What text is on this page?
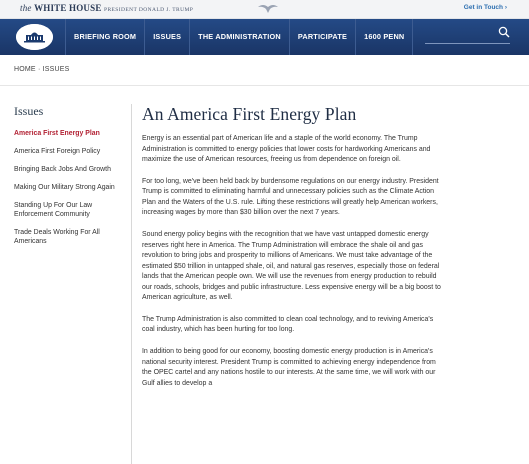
the WHITE HOUSE PRESIDENT DONALD J. TRUMP	Get in Touch ›
BRIEFING ROOM	ISSUES	THE ADMINISTRATION	PARTICIPATE	1600 PENN
HOME · ISSUES
Issues
America First Energy Plan
America First Foreign Policy
Bringing Back Jobs And Growth
Making Our Military Strong Again
Standing Up For Our Law Enforcement Community
Trade Deals Working For All Americans
An America First Energy Plan

Energy is an essential part of American life and a staple of the world economy. The Trump Administration is committed to energy policies that lower costs for hardworking Americans and maximize the use of American resources, freeing us from dependence on foreign oil.

For too long, we've been held back by burdensome regulations on our energy industry. President Trump is committed to eliminating harmful and unnecessary policies such as the Climate Action Plan and the Waters of the U.S. rule. Lifting these restrictions will greatly help American workers, increasing wages by more than $30 billion over the next 7 years.

Sound energy policy begins with the recognition that we have vast untapped domestic energy reserves right here in America. The Trump Administration will embrace the shale oil and gas revolution to bring jobs and prosperity to millions of Americans. We must take advantage of the estimated $50 trillion in untapped shale, oil, and natural gas reserves, especially those on federal lands that the American people own. We will use the revenues from energy production to rebuild our roads, schools, bridges and public infrastructure. Less expensive energy will be a big boost to American agriculture, as well.

The Trump Administration is also committed to clean coal technology, and to reviving America's coal industry, which has been hurting for too long.

In addition to being good for our economy, boosting domestic energy production is in America's national security interest. President Trump is committed to achieving energy independence from the OPEC cartel and any nations hostile to our interests. At the same time, we will work with our Gulf allies to develop a
